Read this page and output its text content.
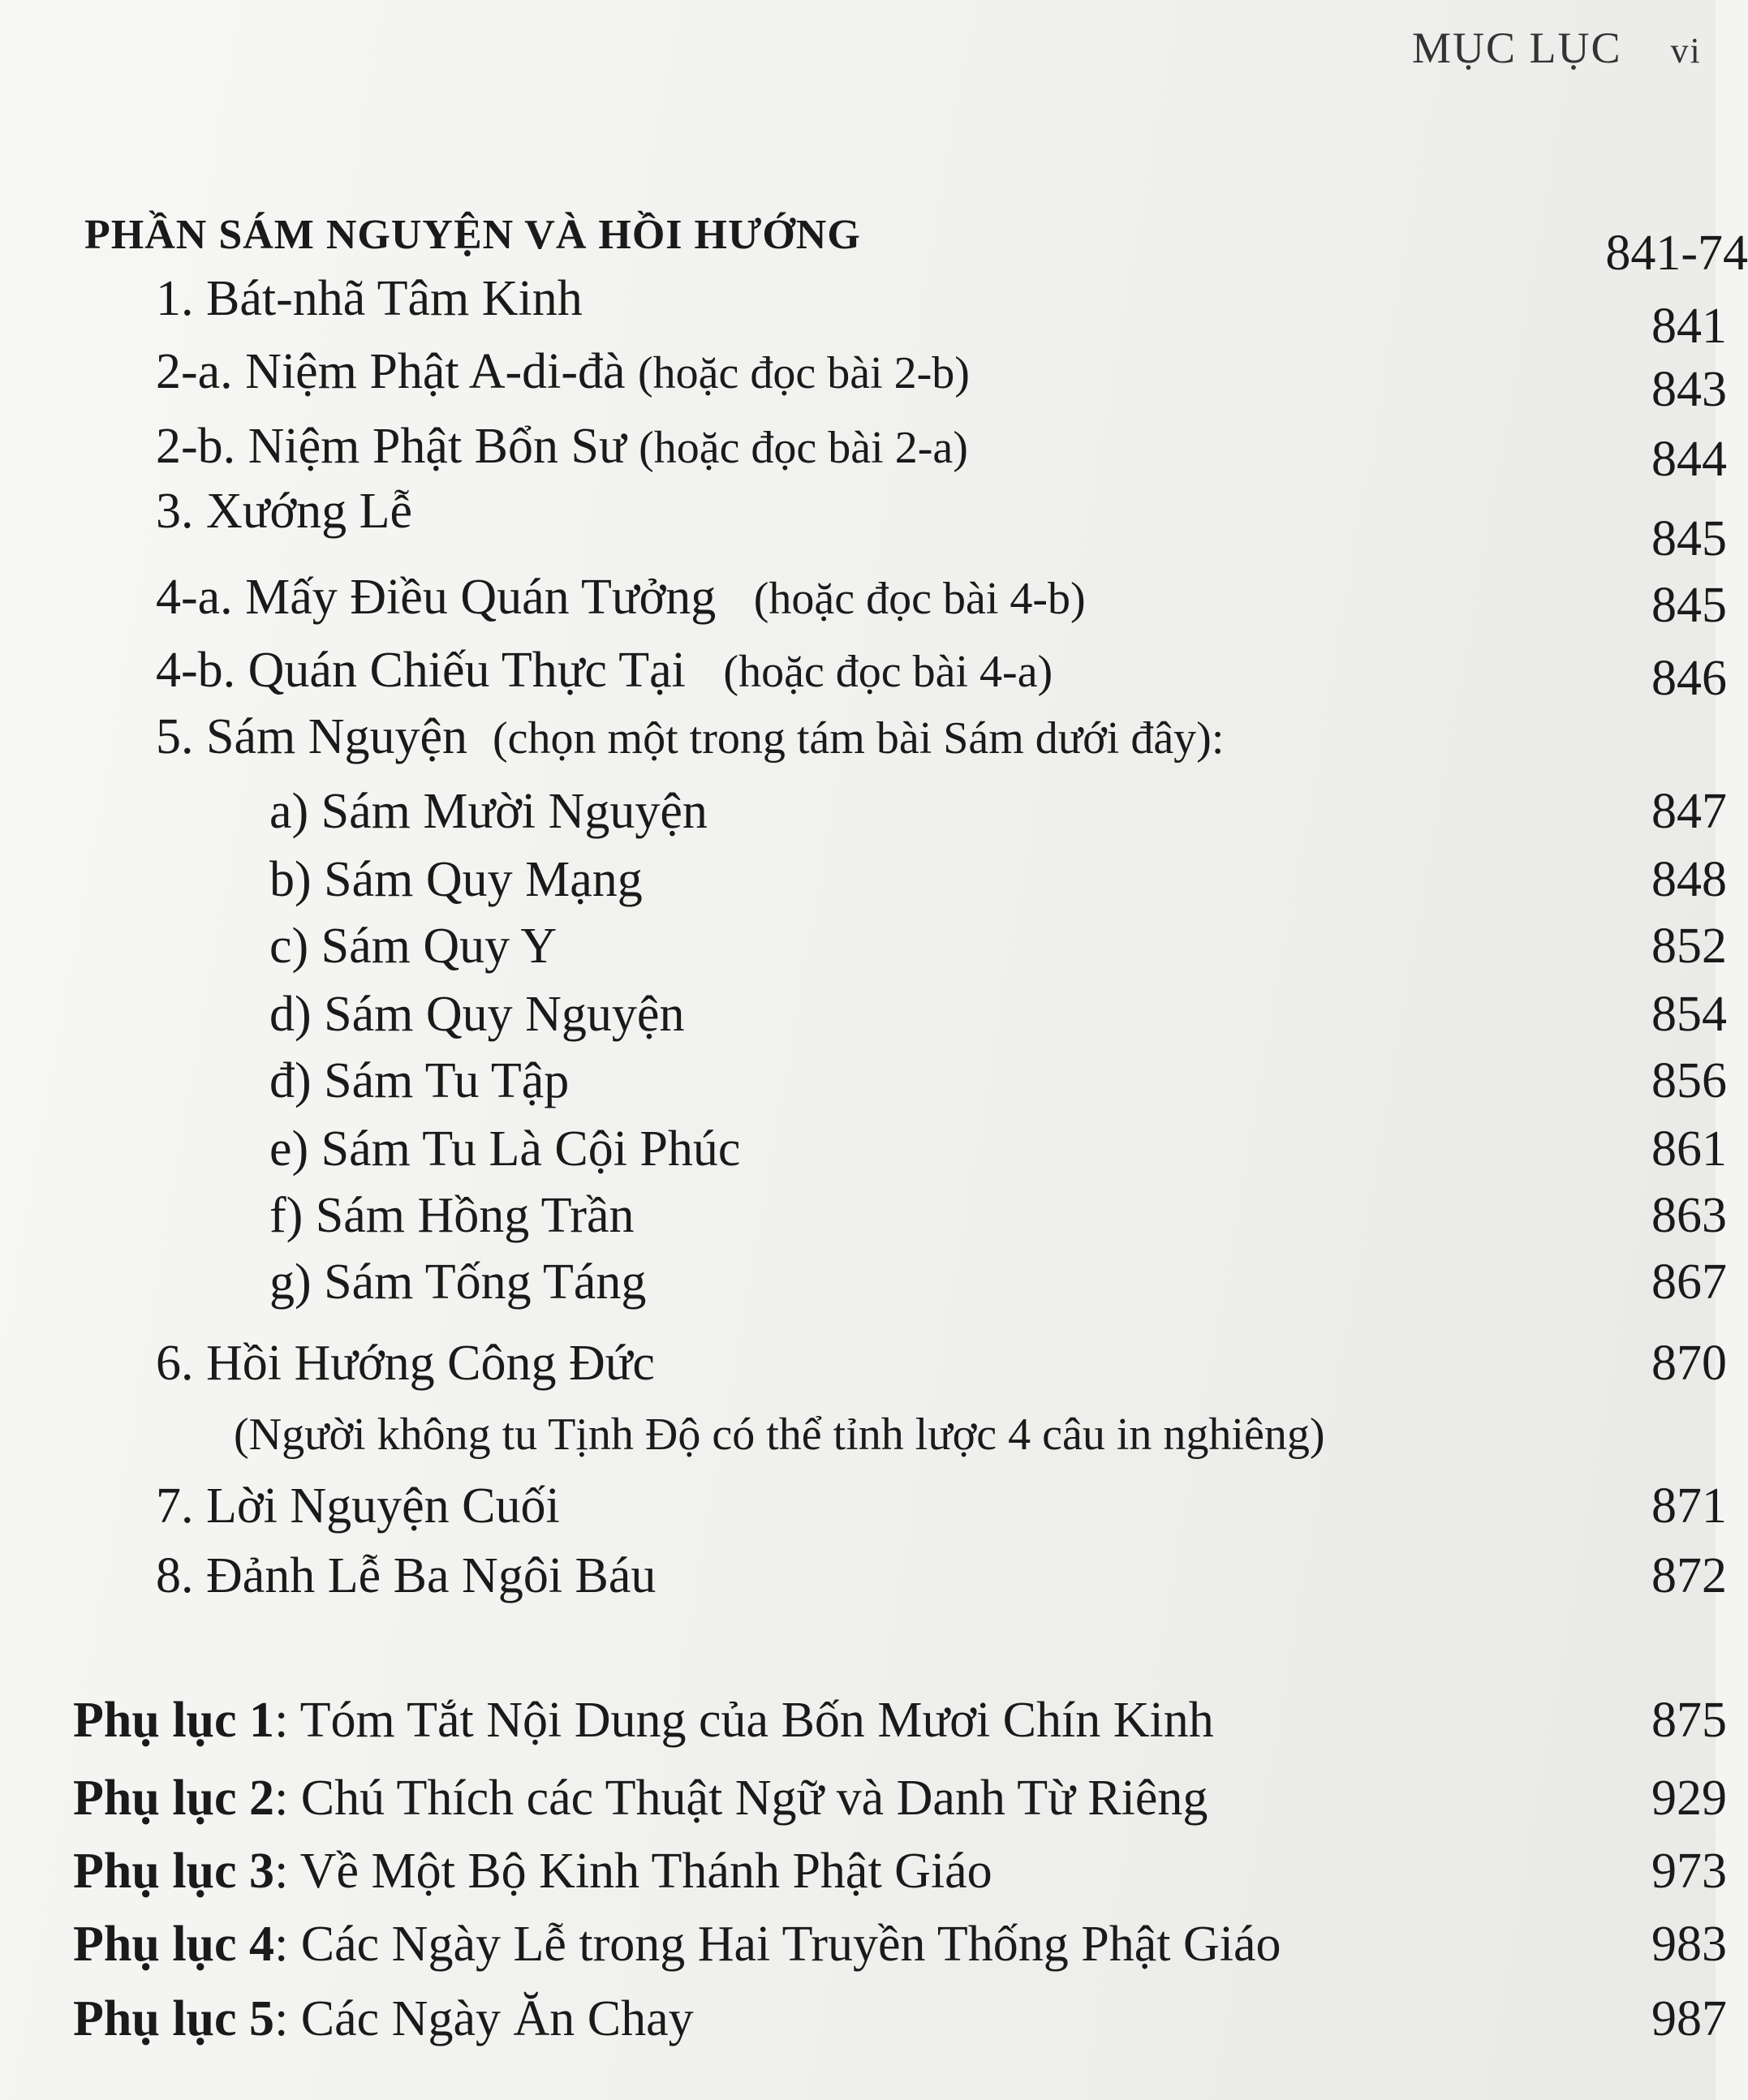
MỤC LỤC vi
PHẦN SÁM NGUYỆN VÀ HỒI HƯỚNG	841-74
1. Bát-nhã Tâm Kinh	841
2-a. Niệm Phật A-di-đà (hoặc đọc bài 2-b)	843
2-b. Niệm Phật Bổn Sư (hoặc đọc bài 2-a)	844
3. Xướng Lễ	845
4-a. Mấy Điều Quán Tưởng (hoặc đọc bài 4-b)	845
4-b. Quán Chiếu Thực Tại (hoặc đọc bài 4-a)	846
5. Sám Nguyện (chọn một trong tám bài Sám dưới đây):
a) Sám Mười Nguyện	847
b) Sám Quy Mạng	848
c) Sám Quy Y	852
d) Sám Quy Nguyện	854
đ) Sám Tu Tập	856
e) Sám Tu Là Cội Phúc	861
f) Sám Hồng Trần	863
g) Sám Tống Táng	867
6. Hồi Hướng Công Đức	870
(Người không tu Tịnh Độ có thể tỉnh lược 4 câu in nghiêng)
7. Lời Nguyện Cuối	871
8. Đảnh Lễ Ba Ngôi Báu	872
Phụ lục 1: Tóm Tắt Nội Dung của Bốn Mươi Chín Kinh	875
Phụ lục 2: Chú Thích các Thuật Ngữ và Danh Từ Riêng	929
Phụ lục 3: Về Một Bộ Kinh Thánh Phật Giáo	973
Phụ lục 4: Các Ngày Lễ trong Hai Truyền Thống Phật Giáo	983
Phụ lục 5: Các Ngày Ăn Chay	987
